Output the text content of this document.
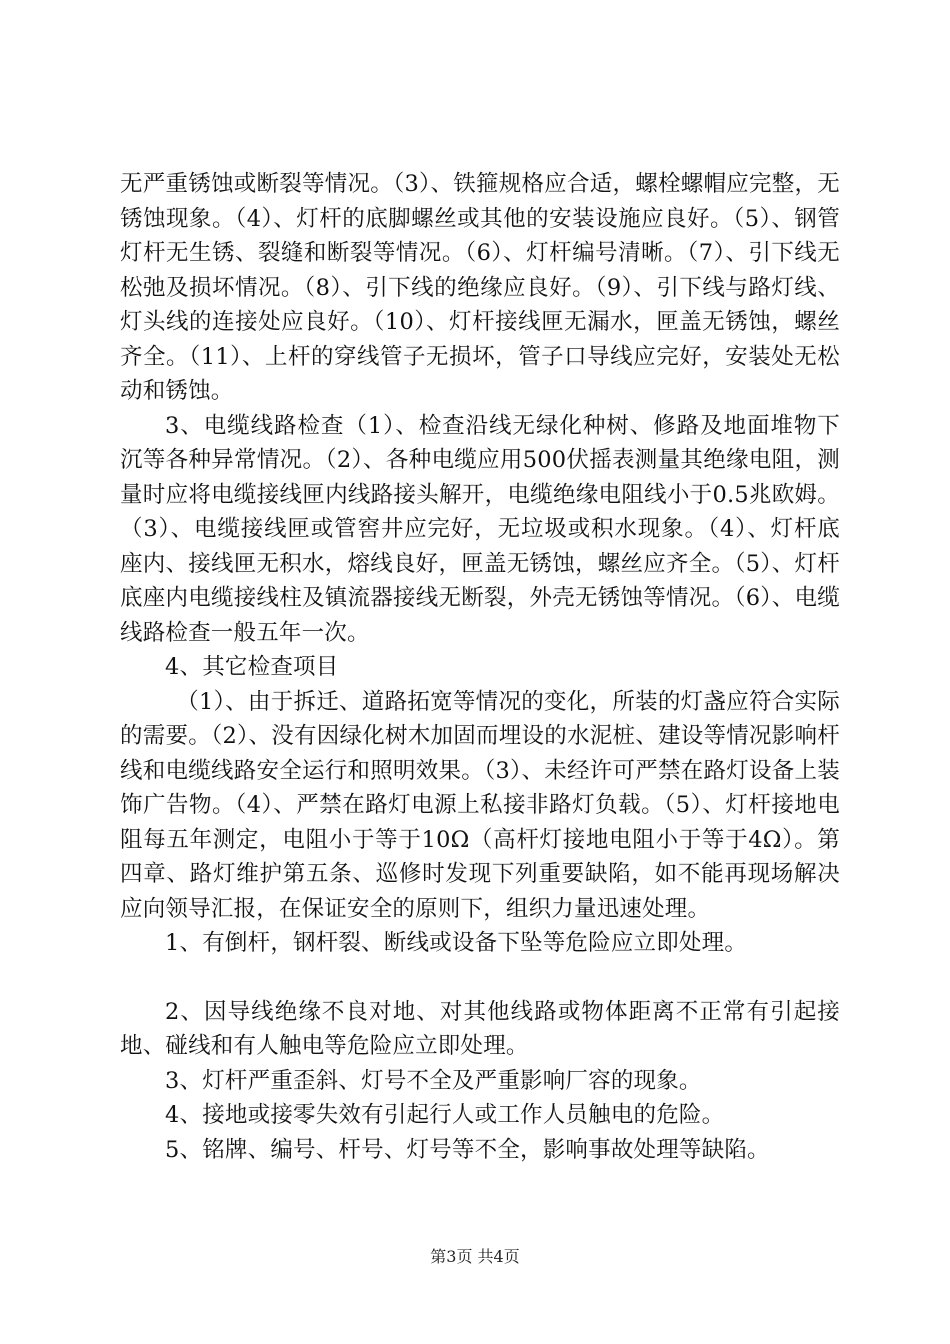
无严重锈蚀或断裂等情况。（3）、铁箍规格应合适，螺栓螺帽应完整，无锈蚀现象。（4）、灯杆的底脚螺丝或其他的安装设施应良好。（5）、钢管灯杆无生锈、裂缝和断裂等情况。（6）、灯杆编号清晰。（7）、引下线无松弛及损坏情况。（8）、引下线的绝缘应良好。（9）、引下线与路灯线、灯头线的连接处应良好。（10）、灯杆接线匣无漏水，匣盖无锈蚀，螺丝齐全。（11）、上杆的穿线管子无损坏，管子口导线应完好，安装处无松动和锈蚀。

3、电缆线路检查（1）、检查沿线无绿化种树、修路及地面堆物下沉等各种异常情况。（2）、各种电缆应用500伏摇表测量其绝缘电阻，测量时应将电缆接线匣内线路接头解开，电缆绝缘电阻线小于0.5兆欧姆。（3）、电缆接线匣或管窖井应完好，无垃圾或积水现象。（4）、灯杆底座内、接线匣无积水，熔线良好，匣盖无锈蚀，螺丝应齐全。（5）、灯杆底座内电缆接线柱及镇流器接线无断裂，外壳无锈蚀等情况。（6）、电缆线路检查一般五年一次。

4、其它检查项目

（1）、由于拆迁、道路拓宽等情况的变化，所装的灯盏应符合实际的需要。（2）、没有因绿化树木加固而埋设的水泥桩、建设等情况影响杆线和电缆线路安全运行和照明效果。（3）、未经许可严禁在路灯设备上装饰广告物。（4）、严禁在路灯电源上私接非路灯负载。（5）、灯杆接地电阻每五年测定，电阻小于等于10Ω（高杆灯接地电阻小于等于4Ω）。第四章、路灯维护第五条、巡修时发现下列重要缺陷，如不能再现场解决应向领导汇报，在保证安全的原则下，组织力量迅速处理。

1、有倒杆，钢杆裂、断线或设备下坠等危险应立即处理。

2、因导线绝缘不良对地、对其他线路或物体距离不正常有引起接地、碰线和有人触电等危险应立即处理。

3、灯杆严重歪斜、灯号不全及严重影响厂容的现象。

4、接地或接零失效有引起行人或工作人员触电的危险。

5、铭牌、编号、杆号、灯号等不全，影响事故处理等缺陷。

第3页 共4页
